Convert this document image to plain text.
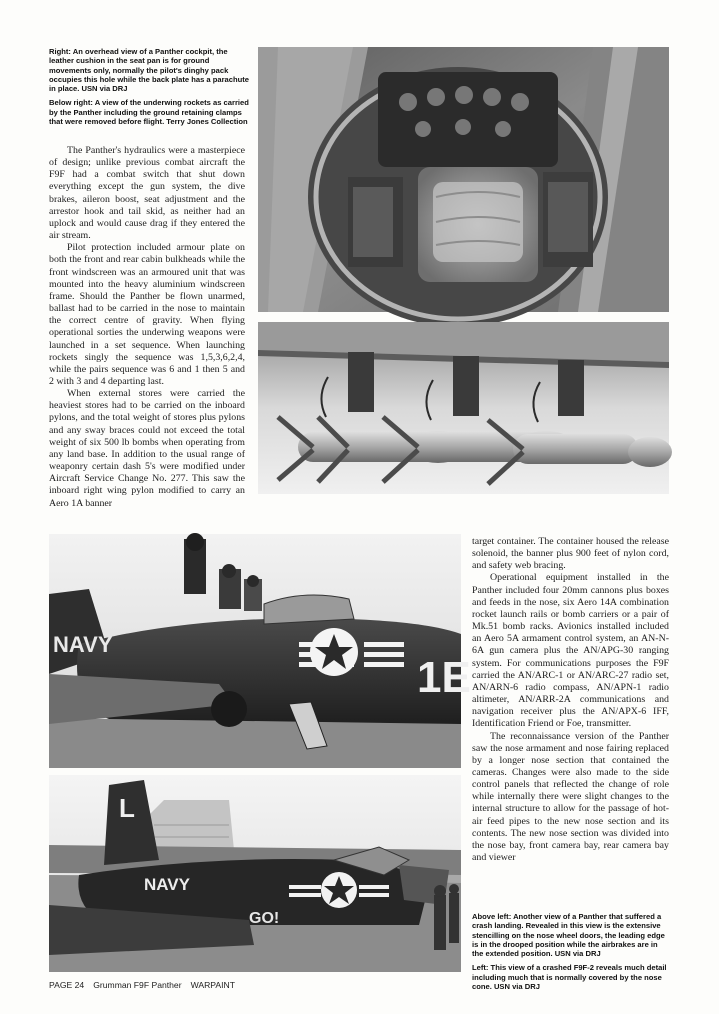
Right: An overhead view of a Panther cockpit, the leather cushion in the seat pan is for ground movements only, normally the pilot's dinghy pack occupies this hole while the back plate has a parachute in place. USN via DRJ

Below right: A view of the underwing rockets as carried by the Panther including the ground retaining clamps that were removed before flight. Terry Jones Collection

The Panther's hydraulics were a masterpiece of design; unlike previous combat aircraft the F9F had a combat switch that shut down everything except the gun system, the dive brakes, aileron boost, seat adjustment and the arrestor hook and tail skid, as neither had an uplock and would cause drag if they entered the air stream.

Pilot protection included armour plate on both the front and rear cabin bulkheads while the front windscreen was an armoured unit that was mounted into the heavy aluminium windscreen frame. Should the Panther be flown unarmed, ballast had to be carried in the nose to maintain the correct centre of gravity. When flying operational sorties the underwing weapons were launched in a set sequence. When launching rockets singly the sequence was 1,5,3,6,2,4, while the pairs sequence was 6 and 1 then 5 and 2 with 3 and 4 departing last.

When external stores were carried the heaviest stores had to be carried on the inboard pylons, and the total weight of stores plus pylons and any sway braces could not exceed the total weight of six 500 lb bombs when operating from any land base. In addition to the usual range of weaponry certain dash 5's were modified under Aircraft Service Change No. 277. This saw the inboard right wing pylon modified to carry an Aero 1A banner

NAVY
1E
L
NAVY
GO!

target container. The container housed the release solenoid, the banner plus 900 feet of nylon cord, and safety web bracing.

Operational equipment installed in the Panther included four 20mm cannons plus boxes and feeds in the nose, six Aero 14A combination rocket launch rails or bomb carriers or a pair of Mk.51 bomb racks. Avionics installed included an Aero 5A armament control system, an AN-N-6A gun camera plus the AN/APG-30 ranging system. For communications purposes the F9F carried the AN/ARC-1 or AN/ARC-27 radio set, AN/ARN-6 radio compass, AN/APN-1 radio altimeter, AN/ARR-2A communications and navigation receiver plus the AN/APX-6 IFF, Identification Friend or Foe, transmitter.

The reconnaissance version of the Panther saw the nose armament and nose fairing replaced by a longer nose section that contained the cameras. Changes were also made to the side control panels that reflected the change of role while internally there were slight changes to the internal structure to allow for the passage of hot-air feed pipes to the new nose section and its contents. The new nose section was divided into the nose bay, front camera bay, rear camera bay and viewer

Above left: Another view of a Panther that suffered a crash landing. Revealed in this view is the extensive stencilling on the nose wheel doors, the leading edge is in the drooped position while the airbrakes are in the extended position. USN via DRJ

Left: This view of a crashed F9F-2 reveals much detail including much that is normally covered by the nose cone. USN via DRJ

PAGE 24 Grumman F9F Panther WARPAINT
